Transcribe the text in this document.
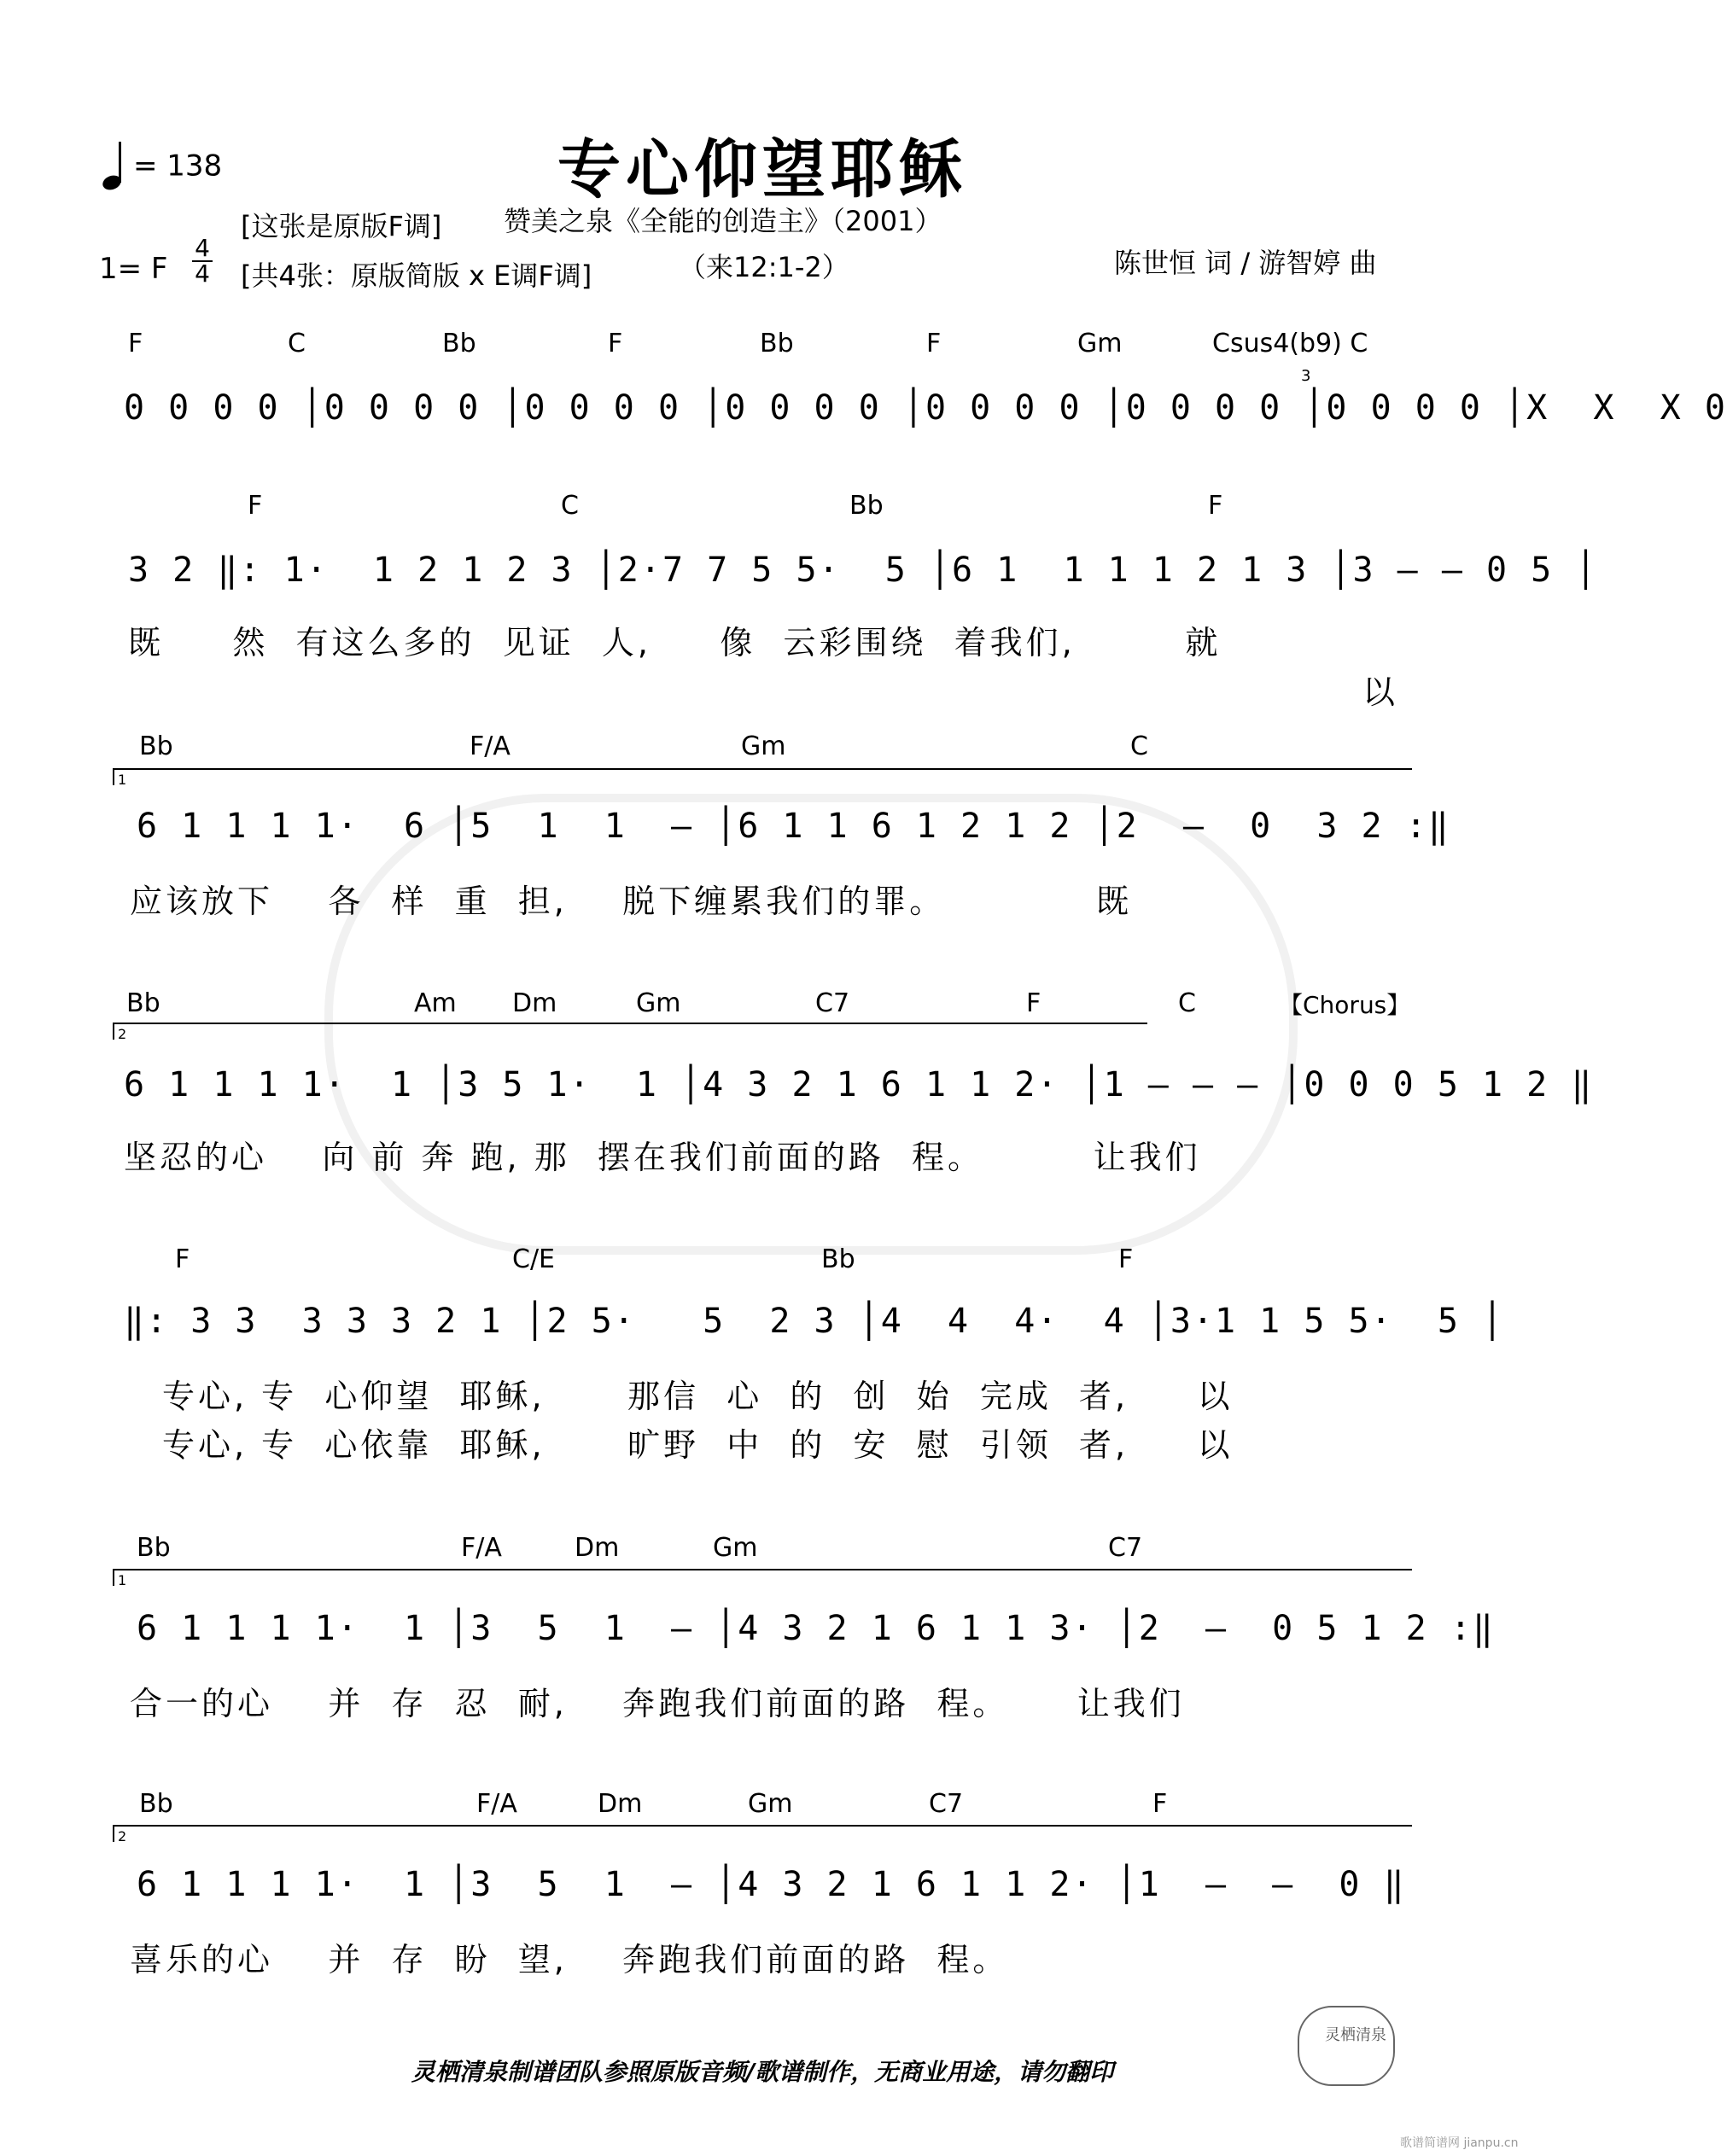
专心仰望耶稣
= 138
[这张是原版F调]
[共4张：原版简版 x E调F调]
赞美之泉《全能的创造主》（2001）
（来12:1-2）	陈世恒 词 / 游智婷 曲
1= F
4
4
F	C	Bb	F	Bb	F	Gm	Csus4(b9) C
3
0 0 0 0 │0 0 0 0 │0 0 0 0 │0 0 0 0 │0 0 0 0 │0 0 0 0 │0 0 0 0 │X  X  X 0
F	C	Bb	F
3 2 ‖: 1·  1 2 1 2 3 │2·7 7 5 5·  5 │6 1  1 1 1 2 1 3 │3 – – 0 5 │
既     然  有这么多的  见证  人,     像  云彩围绕  着我们,        就
以
1
Bb	F/A	Gm	C
6 1 1 1 1·  6 │5  1  1  – │6 1 1 6 1 2 1 2 │2  –  0  3 2 :‖
应该放下    各  样  重  担,    脱下缠累我们的罪。           既
2
Bb	Am Dm	Gm	C7	F	C	【Chorus】
6 1 1 1 1·  1 │3 5 1·  1 │4 3 2 1 6 1 1 2· │1 – – – │0 0 0 5 1 2 ‖
坚忍的心    向 前 奔 跑, 那  摆在我们前面的路  程。        让我们
F	C/E	Bb	F
‖: 3 3  3 3 3 2 1 │2 5·   5  2 3 │4  4  4·  4 │3·1 1 5 5·  5 │
专心, 专  心仰望  耶稣,      那信  心  的  创  始  完成  者,     以
专心, 专  心依靠  耶稣,      旷野  中  的  安  慰  引领  者,     以
1
Bb	F/A	Dm	Gm	C7
6 1 1 1 1·  1 │3  5  1  – │4 3 2 1 6 1 1 3· │2  –  0 5 1 2 :‖
合一的心    并  存  忍  耐,    奔跑我们前面的路  程。     让我们
2
Bb	F/A	Dm	Gm	C7	F
6 1 1 1 1·  1 │3  5  1  – │4 3 2 1 6 1 1 2· │1  –  –  0 ‖
喜乐的心    并  存  盼  望,    奔跑我们前面的路  程。
灵栖清泉制谱团队参照原版音频/歌谱制作，无商业用途，请勿翻印
灵栖清泉
歌谱简谱网 jianpu.cn
